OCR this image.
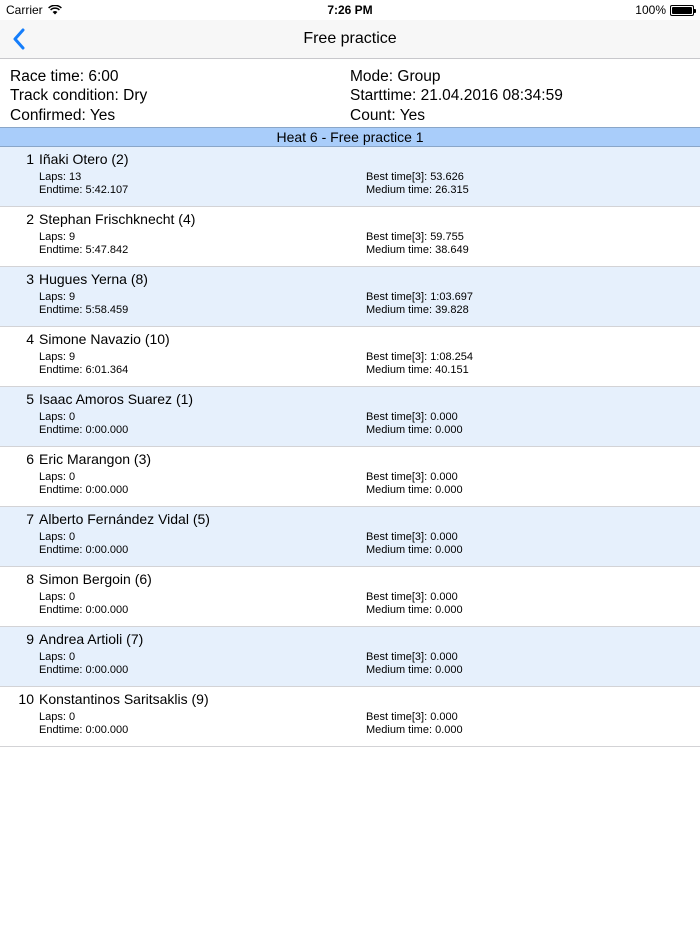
Carrier	7:26 PM	100%
Free practice
Race time: 6:00
Track condition: Dry
Confirmed: Yes
Mode: Group
Starttime: 21.04.2016 08:34:59
Count: Yes
Heat 6 - Free practice 1
1 Iñaki Otero (2)
Laps: 13
Endtime: 5:42.107
Best time[3]: 53.626
Medium time: 26.315
2 Stephan Frischknecht (4)
Laps: 9
Endtime: 5:47.842
Best time[3]: 59.755
Medium time: 38.649
3 Hugues Yerna (8)
Laps: 9
Endtime: 5:58.459
Best time[3]: 1:03.697
Medium time: 39.828
4 Simone Navazio (10)
Laps: 9
Endtime: 6:01.364
Best time[3]: 1:08.254
Medium time: 40.151
5 Isaac Amoros Suarez (1)
Laps: 0
Endtime: 0:00.000
Best time[3]: 0.000
Medium time: 0.000
6 Eric Marangon (3)
Laps: 0
Endtime: 0:00.000
Best time[3]: 0.000
Medium time: 0.000
7 Alberto Fernández Vidal (5)
Laps: 0
Endtime: 0:00.000
Best time[3]: 0.000
Medium time: 0.000
8 Simon Bergoin (6)
Laps: 0
Endtime: 0:00.000
Best time[3]: 0.000
Medium time: 0.000
9 Andrea Artioli (7)
Laps: 0
Endtime: 0:00.000
Best time[3]: 0.000
Medium time: 0.000
10 Konstantinos Saritsaklis (9)
Laps: 0
Endtime: 0:00.000
Best time[3]: 0.000
Medium time: 0.000
